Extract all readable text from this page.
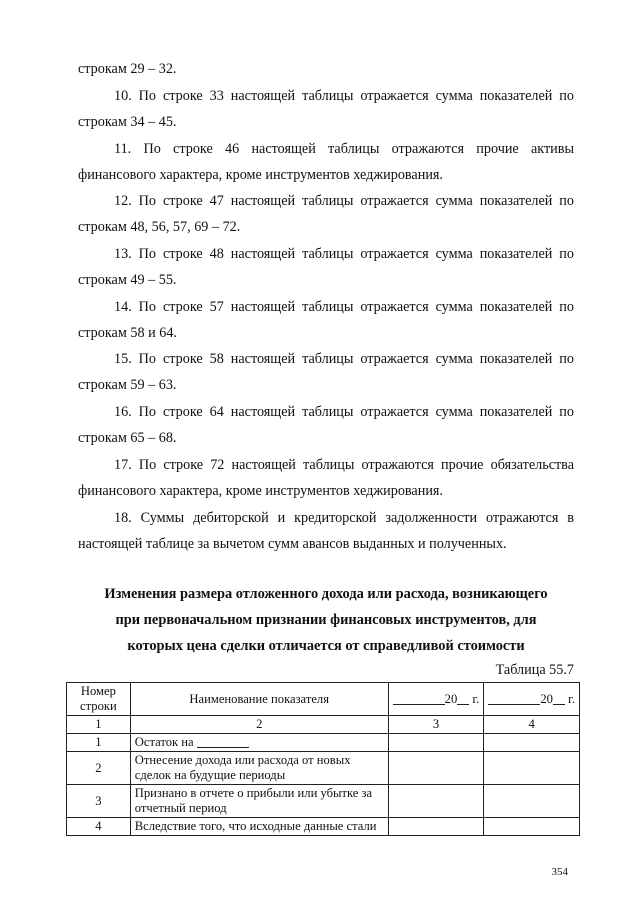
строкам 29 – 32.
10. По строке 33 настоящей таблицы отражается сумма показателей по
строкам 34 – 45.
11. По строке 46 настоящей таблицы отражаются прочие активы
финансового характера, кроме инструментов хеджирования.
12. По строке 47 настоящей таблицы отражается сумма показателей по
строкам 48, 56, 57, 69 – 72.
13. По строке 48 настоящей таблицы отражается сумма показателей по
строкам 49 – 55.
14. По строке 57 настоящей таблицы отражается сумма показателей по
строкам 58 и 64.
15. По строке 58 настоящей таблицы отражается сумма показателей по
строкам 59 – 63.
16. По строке 64 настоящей таблицы отражается сумма показателей по
строкам 65 – 68.
17. По строке 72 настоящей таблицы отражаются прочие обязательства
финансового характера, кроме инструментов хеджирования.
18. Суммы дебиторской и кредиторской задолженности отражаются в
настоящей таблице за вычетом сумм авансов выданных и полученных.
Изменения размера отложенного дохода или расхода, возникающего
при первоначальном признании финансовых инструментов, для
которых цена сделки отличается от справедливой стоимости
Таблица 55.7
Номер строки	Наименование показателя	20 г.	20 г.
1	2	3	4
1	Остаток на		
2	Отнесение дохода или расхода от новых сделок на будущие периоды		
3	Признано в отчете о прибыли или убытке за отчетный период		
4	Вследствие того, что исходные данные стали		
354
